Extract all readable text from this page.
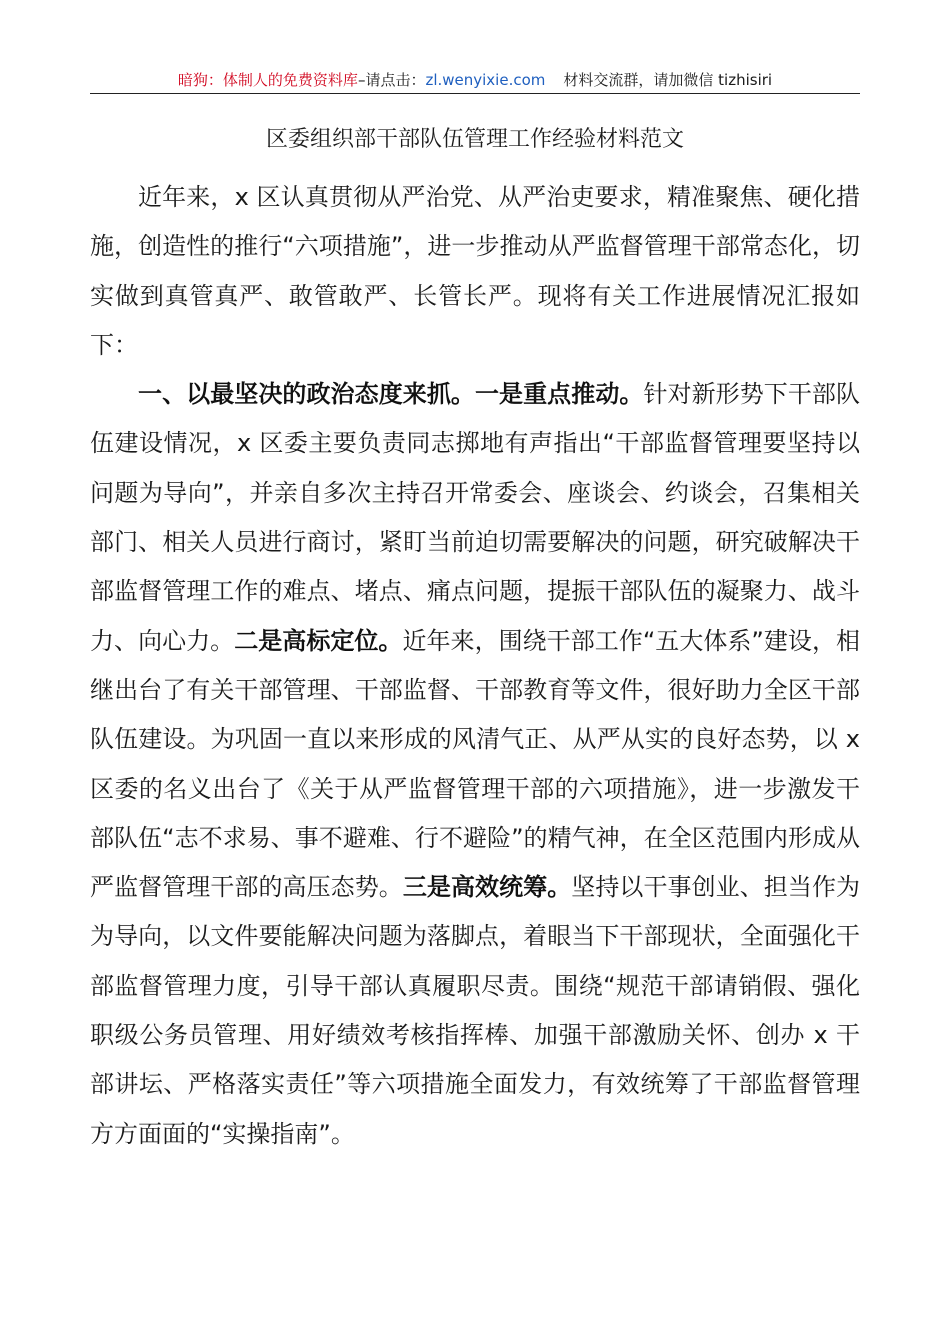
暗狗：体制人的免费资料库–请点击：zl.wenyixie.com 材料交流群，请加微信 tizhisiri
区委组织部干部队伍管理工作经验材料范文

近年来，x 区认真贯彻从严治党、从严治吏要求，精准聚焦、硬化措施，创造性的推行“六项措施”，进一步推动从严监督管理干部常态化，切实做到真管真严、敢管敢严、长管长严。现将有关工作进展情况汇报如下：

一、以最坚决的政治态度来抓。一是重点推动。针对新形势下干部队伍建设情况，x 区委主要负责同志掷地有声指出“干部监督管理要坚持以问题为导向”，并亲自多次主持召开常委会、座谈会、约谈会，召集相关部门、相关人员进行商讨，紧盯当前迫切需要解决的问题，研究破解决干部监督管理工作的难点、堵点、痛点问题，提振干部队伍的凝聚力、战斗力、向心力。二是高标定位。近年来，围绕干部工作“五大体系”建设，相继出台了有关干部管理、干部监督、干部教育等文件，很好助力全区干部队伍建设。为巩固一直以来形成的风清气正、从严从实的良好态势，以 x 区委的名义出台了《关于从严监督管理干部的六项措施》，进一步激发干部队伍“志不求易、事不避难、行不避险”的精气神，在全区范围内形成从严监督管理干部的高压态势。三是高效统筹。坚持以干事创业、担当作为为导向，以文件要能解决问题为落脚点，着眼当下干部现状，全面强化干部监督管理力度，引导干部认真履职尽责。围绕“规范干部请销假、强化职级公务员管理、用好绩效考核指挥棒、加强干部激励关怀、创办 x 干部讲坛、严格落实责任”等六项措施全面发力，有效统筹了干部监督管理方方面面的“实操指南”。
